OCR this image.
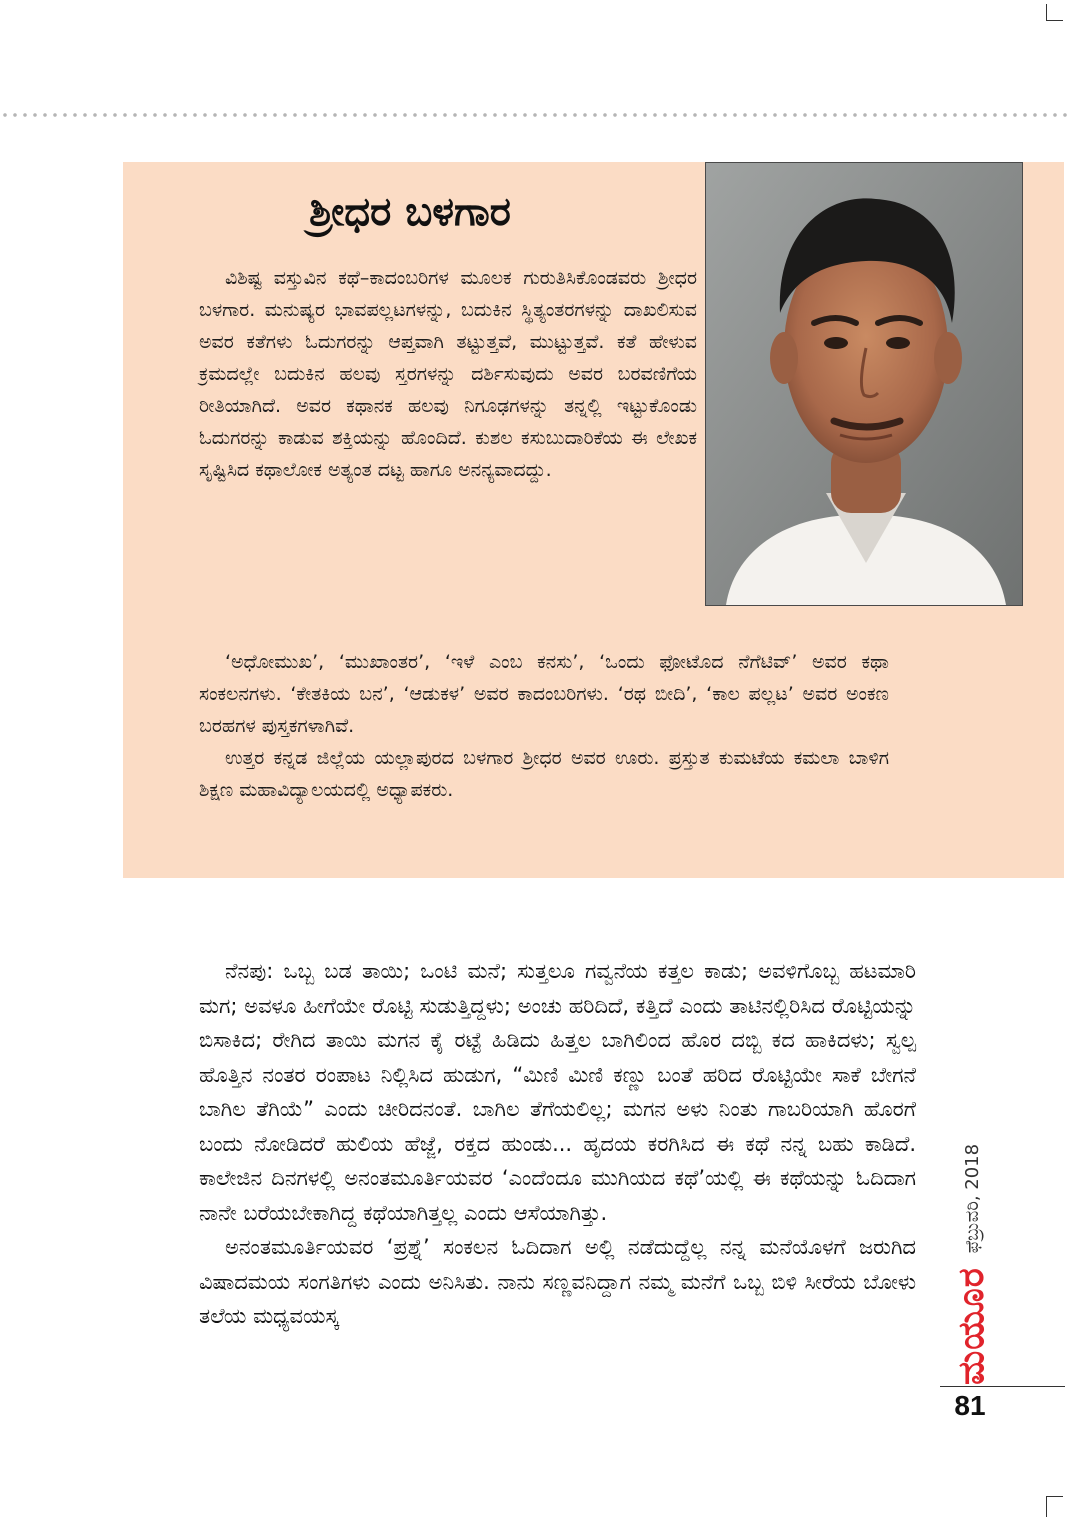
ಶ್ರೀಧರ ಬಳಗಾರ

ವಿಶಿಷ್ಟ ವಸ್ತುವಿನ ಕಥೆ–ಕಾದಂಬರಿಗಳ ಮೂಲಕ ಗುರುತಿಸಿಕೊಂಡವರು ಶ್ರೀಧರ ಬಳಗಾರ. ಮನುಷ್ಯರ ಭಾವಪಲ್ಲಟಗಳನ್ನು, ಬದುಕಿನ ಸ್ಥಿತ್ಯಂತರಗಳನ್ನು ದಾಖಲಿಸುವ ಅವರ ಕತೆಗಳು ಓದುಗರನ್ನು ಆಪ್ತವಾಗಿ ತಟ್ಟುತ್ತವೆ, ಮುಟ್ಟುತ್ತವೆ. ಕತೆ ಹೇಳುವ ಕ್ರಮದಲ್ಲೇ ಬದುಕಿನ ಹಲವು ಸ್ತರಗಳನ್ನು ದರ್ಶಿಸುವುದು ಅವರ ಬರವಣಿಗೆಯ ರೀತಿಯಾಗಿದೆ. ಅವರ ಕಥಾನಕ ಹಲವು ನಿಗೂಢಗಳನ್ನು ತನ್ನಲ್ಲಿ ಇಟ್ಟುಕೊಂಡು ಓದುಗರನ್ನು ಕಾಡುವ ಶಕ್ತಿಯನ್ನು ಹೊಂದಿದೆ. ಕುಶಲ ಕಸುಬುದಾರಿಕೆಯ ಈ ಲೇಖಕ ಸೃಷ್ಟಿಸಿದ ಕಥಾಲೋಕ ಅತ್ಯಂತ ದಟ್ಟ ಹಾಗೂ ಅನನ್ಯವಾದದ್ದು.

‘ಅಧೋಮುಖ’, ‘ಮುಖಾಂತರ’, ‘ಇಳೆ ಎಂಬ ಕನಸು’, ‘ಒಂದು ಫೋಟೊದ ನೆಗೆಟಿವ್’ ಅವರ ಕಥಾ ಸಂಕಲನಗಳು. ‘ಕೇತಕಿಯ ಬನ’, ‘ಆಡುಕಳ’ ಅವರ ಕಾದಂಬರಿಗಳು. ‘ರಥ ಬೀದಿ’, ‘ಕಾಲ ಪಲ್ಲಟ’ ಅವರ ಅಂಕಣ ಬರಹಗಳ ಪುಸ್ತಕಗಳಾಗಿವೆ.

ಉತ್ತರ ಕನ್ನಡ ಜಿಲ್ಲೆಯ ಯಲ್ಲಾಪುರದ ಬಳಗಾರ ಶ್ರೀಧರ ಅವರ ಊರು. ಪ್ರಸ್ತುತ ಕುಮಟೆಯ ಕಮಲಾ ಬಾಳಿಗ ಶಿಕ್ಷಣ ಮಹಾವಿದ್ಯಾಲಯದಲ್ಲಿ ಅಧ್ಯಾಪಕರು.

ನೆನಪು: ಒಬ್ಬ ಬಡ ತಾಯಿ; ಒಂಟಿ ಮನೆ; ಸುತ್ತಲೂ ಗವ್ವನೆಯ ಕತ್ತಲ ಕಾಡು; ಅವಳಿಗೊಬ್ಬ ಹಟಮಾರಿ ಮಗ; ಅವಳೂ ಹೀಗೆಯೇ ರೊಟ್ಟಿ ಸುಡುತ್ತಿದ್ದಳು; ಅಂಚು ಹರಿದಿದೆ, ಕತ್ತಿದೆ ಎಂದು ತಾಟಿನಲ್ಲಿರಿಸಿದ ರೊಟ್ಟಿಯನ್ನು ಬಿಸಾಕಿದ; ರೇಗಿದ ತಾಯಿ ಮಗನ ಕೈ ರಟ್ಟೆ ಹಿಡಿದು ಹಿತ್ತಲ ಬಾಗಿಲಿಂದ ಹೊರ ದಬ್ಬಿ ಕದ ಹಾಕಿದಳು; ಸ್ವಲ್ಪ ಹೊತ್ತಿನ ನಂತರ ರಂಪಾಟ ನಿಲ್ಲಿಸಿದ ಹುಡುಗ, “ಮಿಣಿ ಮಿಣಿ ಕಣ್ಣು ಬಂತೆ ಹರಿದ ರೊಟ್ಟಿಯೇ ಸಾಕೆ ಬೇಗನೆ ಬಾಗಿಲ ತೆಗಿಯೆ” ಎಂದು ಚೀರಿದನಂತೆ. ಬಾಗಿಲ ತೆಗೆಯಲಿಲ್ಲ; ಮಗನ ಅಳು ನಿಂತು ಗಾಬರಿಯಾಗಿ ಹೊರಗೆ ಬಂದು ನೋಡಿದರೆ ಹುಲಿಯ ಹೆಜ್ಜೆ, ರಕ್ತದ ಹುಂಡು... ಹೃದಯ ಕರಗಿಸಿದ ಈ ಕಥೆ ನನ್ನ ಬಹು ಕಾಡಿದೆ. ಕಾಲೇಜಿನ ದಿನಗಳಲ್ಲಿ ಅನಂತಮೂರ್ತಿಯವರ ‘ಎಂದೆಂದೂ ಮುಗಿಯದ ಕಥೆ’ಯಲ್ಲಿ ಈ ಕಥೆಯನ್ನು ಓದಿದಾಗ ನಾನೇ ಬರೆಯಬೇಕಾಗಿದ್ದ ಕಥೆಯಾಗಿತ್ತಲ್ಲ ಎಂದು ಆಸೆಯಾಗಿತ್ತು.

ಅನಂತಮೂರ್ತಿಯವರ ‘ಪ್ರಶ್ನೆ’ ಸಂಕಲನ ಓದಿದಾಗ ಅಲ್ಲಿ ನಡೆದುದ್ದೆಲ್ಲ ನನ್ನ ಮನೆಯೊಳಗೆ ಜರುಗಿದ ವಿಷಾದಮಯ ಸಂಗತಿಗಳು ಎಂದು ಅನಿಸಿತು. ನಾನು ಸಣ್ಣವನಿದ್ದಾಗ ನಮ್ಮ ಮನೆಗೆ ಒಬ್ಬ ಬಿಳಿ ಸೀರೆಯ ಬೋಳು ತಲೆಯ ಮಧ್ಯವಯಸ್ಕ	ಮಯೂರ
ಫೆಬ್ರುವರಿ, 2018
81
